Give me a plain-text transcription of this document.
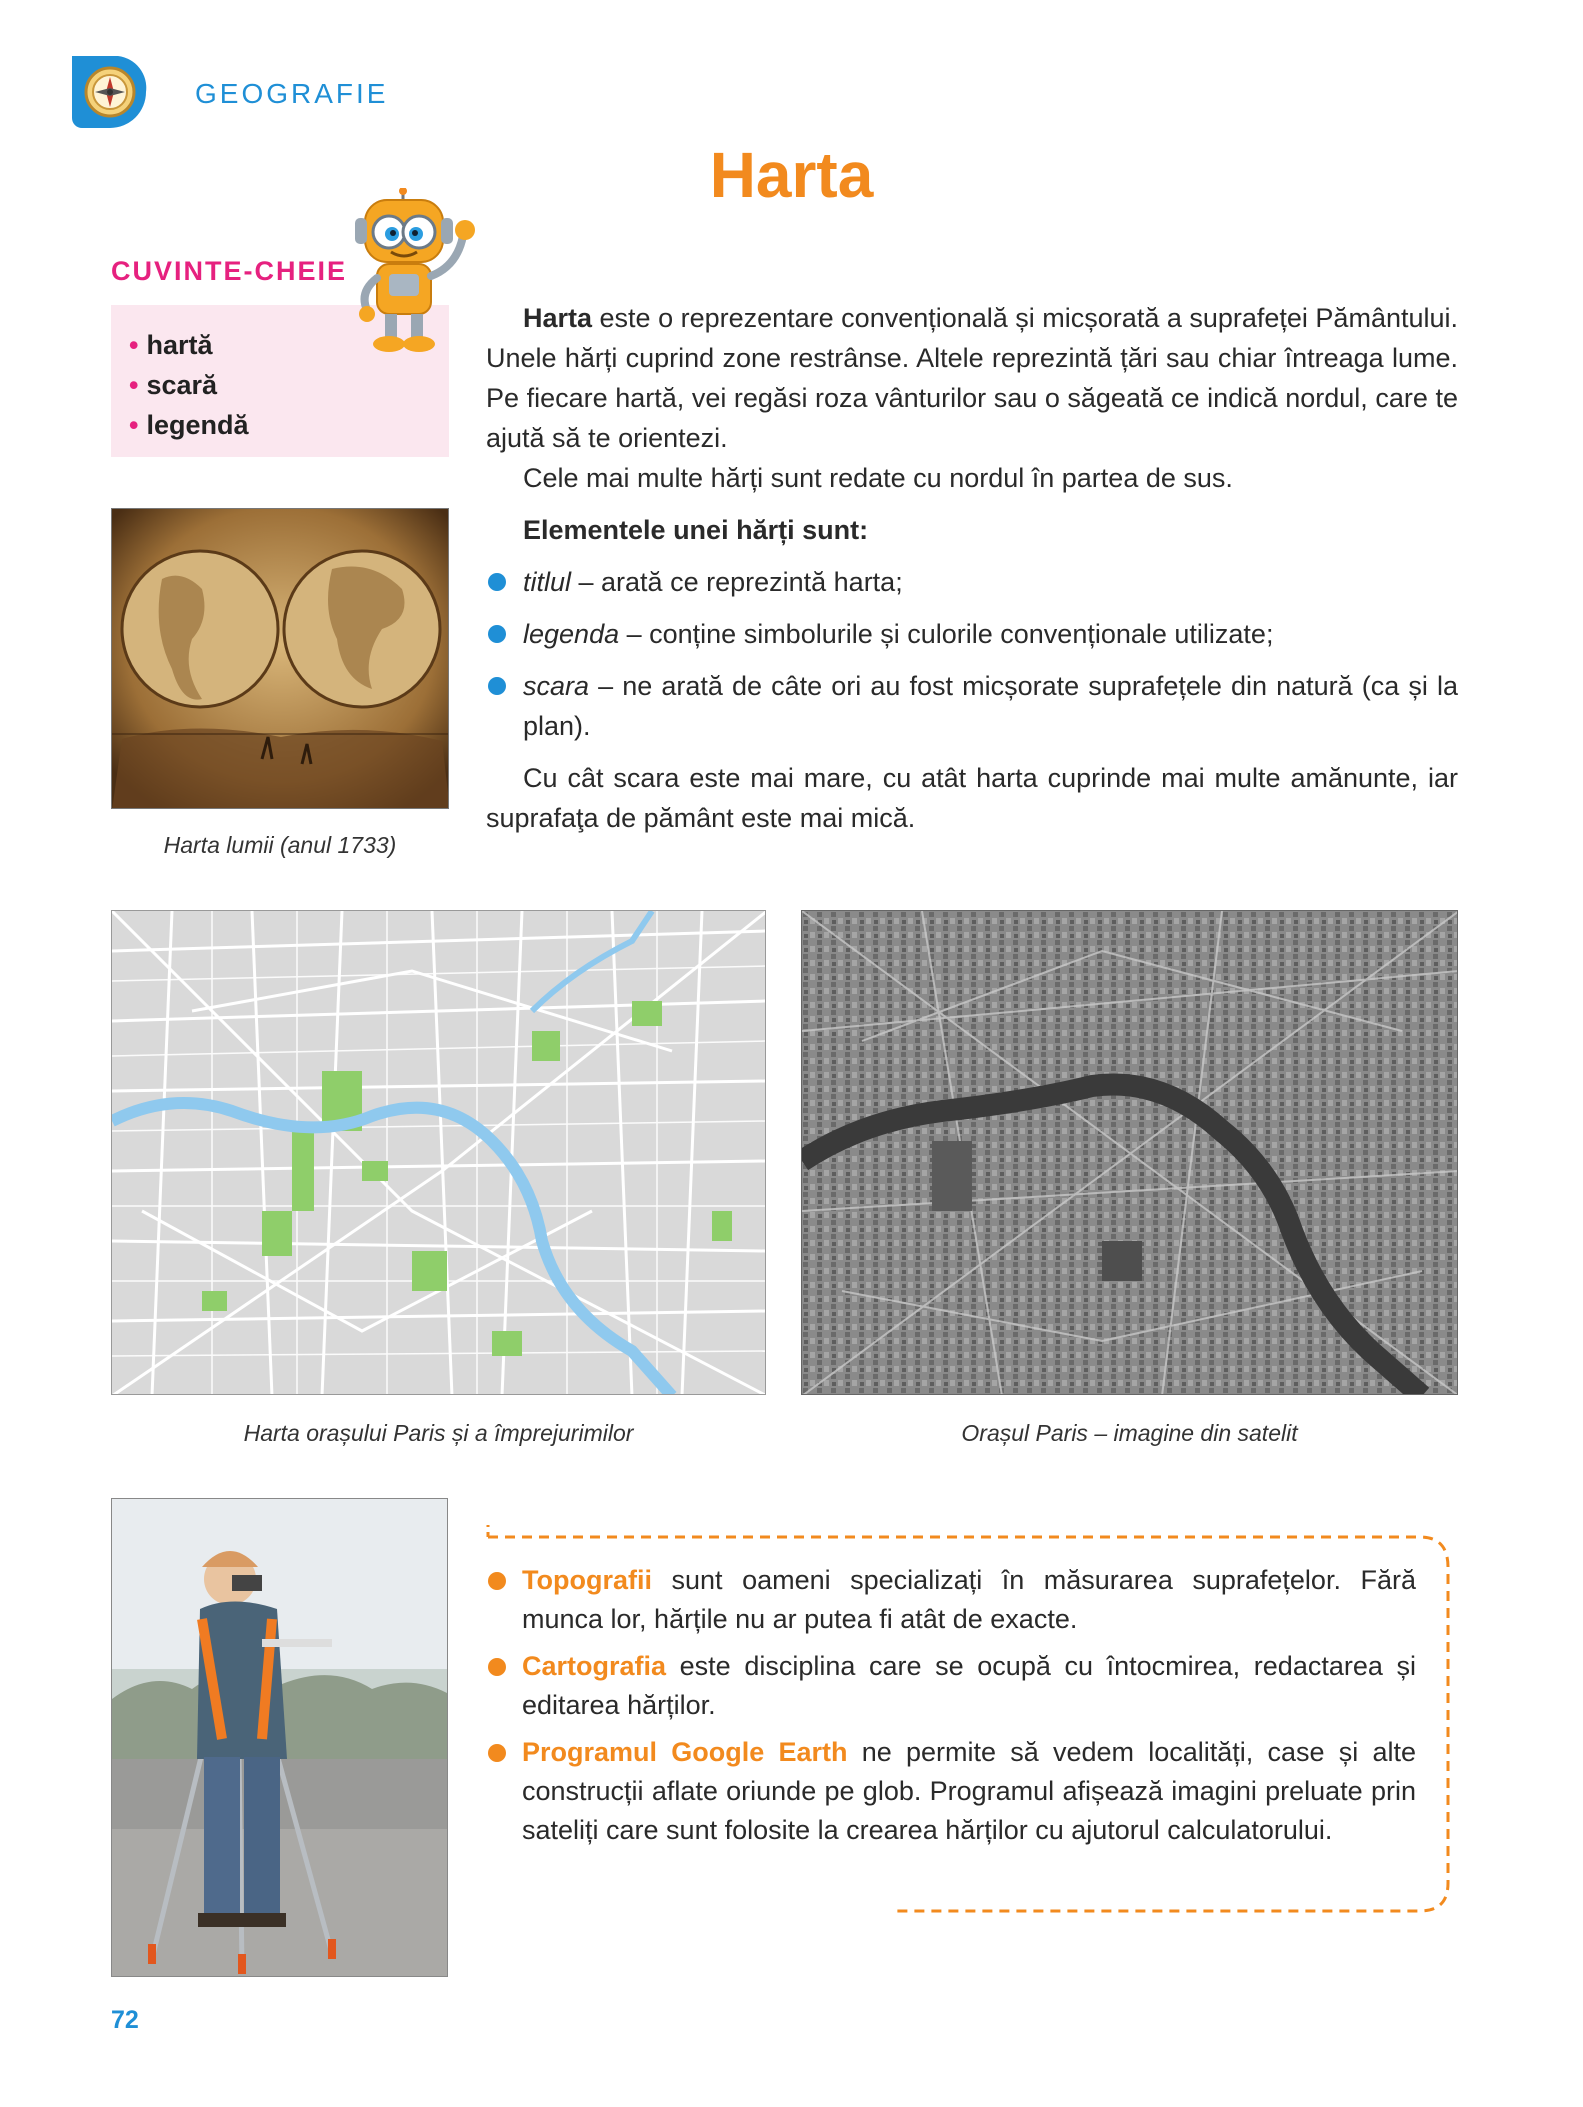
GEOGRAFIE
Harta
CUVINTE-CHEIE
• hartă
• scară
• legendă
Harta lumii (anul 1733)

Harta este o reprezentare convențională și micșorată a suprafeței Pământului. Unele hărți cuprind zone restrânse. Altele reprezintă țări sau chiar întreaga lume. Pe fiecare hartă, vei regăsi roza vânturilor sau o săgeată ce indică nordul, care te ajută să te orientezi.

Cele mai multe hărți sunt redate cu nordul în partea de sus.

Elementele unei hărți sunt:

titlul – arată ce reprezintă harta;
legenda – conține simbolurile și culorile convenționale utilizate;
scara – ne arată de câte ori au fost micșorate suprafețele din natură (ca și la plan).

Cu cât scara este mai mare, cu atât harta cuprinde mai multe amănunte, iar suprafaţa de pământ este mai mică.

Harta orașului Paris și a împrejurimilor	Orașul Paris – imagine din satelit
Topografii sunt oameni specializați în măsurarea suprafețelor. Fără munca lor, hărțile nu ar putea fi atât de exacte.
Cartografia este disciplina care se ocupă cu întocmirea, redactarea și editarea hărților.
Programul Google Earth ne permite să vedem localități, case și alte construcții aflate oriunde pe glob. Programul afișează imagini preluate prin sateliți care sunt folosite la crearea hărților cu ajutorul calculatorului.
72
